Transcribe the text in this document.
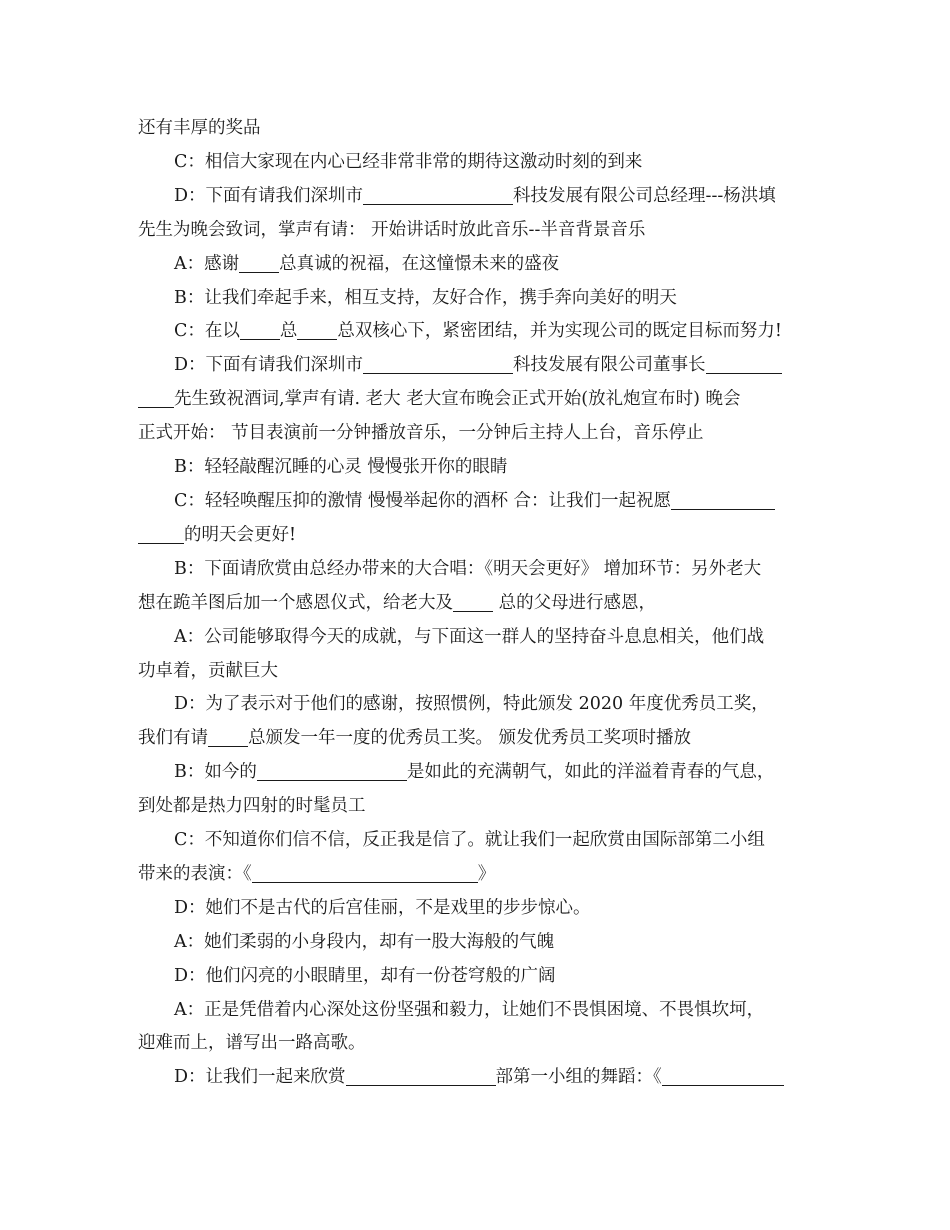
还有丰厚的奖品

C：相信大家现在内心已经非常非常的期待这激动时刻的到来

D：下面有请我们深圳市	科技发展有限公司总经理---杨洪填

先生为晚会致词，掌声有请： 开始讲话时放此音乐--半音背景音乐

A：感谢 总真诚的祝福，在这憧憬未来的盛夜

B：让我们牵起手来，相互支持，友好合作，携手奔向美好的明天

C：在以 总 总双核心下，紧密团结，并为实现公司的既定目标而努力!

D：下面有请我们深圳市	科技发展有限公司董事长

先生致祝酒词,掌声有请. 老大 老大宣布晚会正式开始(放礼炮宣布时) 晚会

正式开始： 节目表演前一分钟播放音乐，一分钟后主持人上台，音乐停止

B：轻轻敲醒沉睡的心灵 慢慢张开你的眼睛

C：轻轻唤醒压抑的激情 慢慢举起你的酒杯 合：让我们一起祝愿

的明天会更好!

B：下面请欣赏由总经办带来的大合唱：《明天会更好》 增加环节：另外老大

想在跪羊图后加一个感恩仪式，给老大及 总的父母进行感恩，

A：公司能够取得今天的成就，与下面这一群人的坚持奋斗息息相关，他们战

功卓着，贡献巨大

D：为了表示对于他们的感谢，按照惯例，特此颁发 2020 年度优秀员工奖，

我们有请 总颁发一年一度的优秀员工奖。 颁发优秀员工奖项时播放

B：如今的	是如此的充满朝气，如此的洋溢着青春的气息，

到处都是热力四射的时髦员工

C：不知道你们信不信，反正我是信了。就让我们一起欣赏由国际部第二小组

带来的表演：《	》

D：她们不是古代的后宫佳丽，不是戏里的步步惊心。

A：她们柔弱的小身段内，却有一股大海般的气魄

D：他们闪亮的小眼睛里，却有一份苍穹般的广阔

A：正是凭借着内心深处这份坚强和毅力，让她们不畏惧困境、不畏惧坎坷，

迎难而上，谱写出一路高歌。

D：让我们一起来欣赏	部第一小组的舞蹈：《
